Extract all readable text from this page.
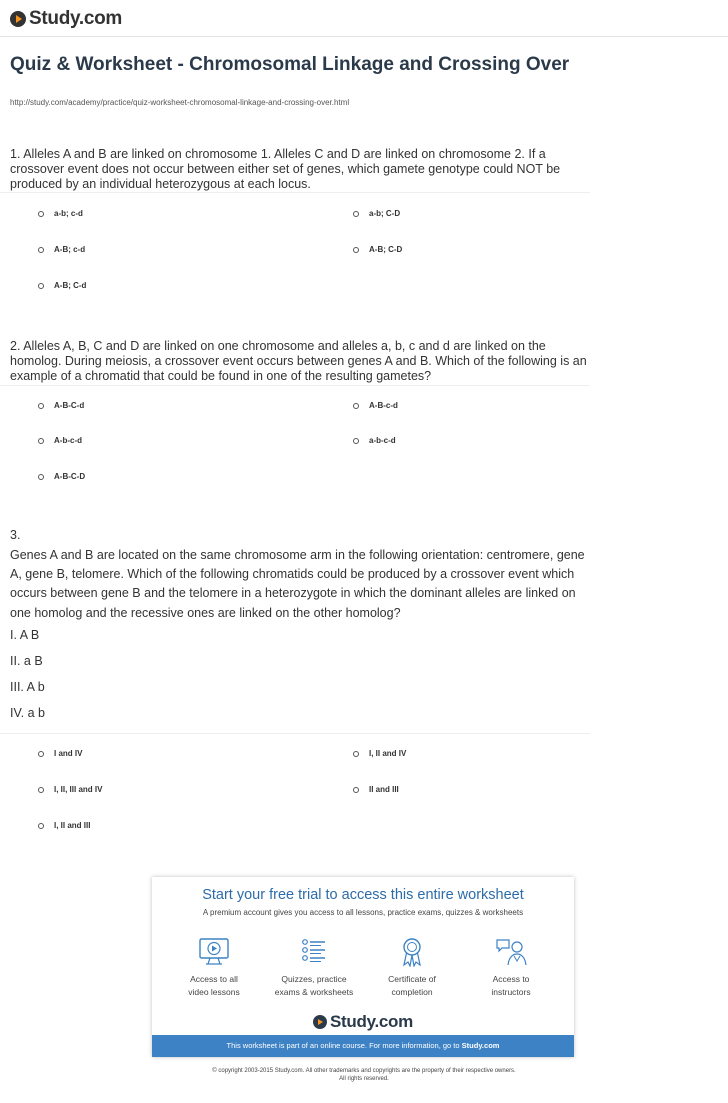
Study.com
Quiz & Worksheet - Chromosomal Linkage and Crossing Over
http://study.com/academy/practice/quiz-worksheet-chromosomal-linkage-and-crossing-over.html
1. Alleles A and B are linked on chromosome 1. Alleles C and D are linked on chromosome 2. If a crossover event does not occur between either set of genes, which gamete genotype could NOT be produced by an individual heterozygous at each locus.
a-b; c-d	a-b; C-D
A-B; c-d	A-B; C-D
A-B; C-d
2. Alleles A, B, C and D are linked on one chromosome and alleles a, b, c and d are linked on the homolog. During meiosis, a crossover event occurs between genes A and B. Which of the following is an example of a chromatid that could be found in one of the resulting gametes?
A-B-C-d	A-B-c-d
A-b-c-d	a-b-c-d
A-B-C-D
3.
Genes A and B are located on the same chromosome arm in the following orientation: centromere, gene A, gene B, telomere. Which of the following chromatids could be produced by a crossover event which occurs between gene B and the telomere in a heterozygote in which the dominant alleles are linked on one homolog and the recessive ones are linked on the other homolog?
I. A B
II. a B
III. A b
IV. a b
I and IV	I, II and IV
I, II, III and IV	II and III
I, II and III
Start your free trial to access this entire worksheet
A premium account gives you access to all lessons, practice exams, quizzes & worksheets
Access to all
video lessons
Quizzes, practice
exams & worksheets
Certificate of
completion
Access to
instructors
Study.com
This worksheet is part of an online course. For more information, go to Study.com
© copyright 2003-2015 Study.com. All other trademarks and copyrights are the property of their respective owners.
All rights reserved.
